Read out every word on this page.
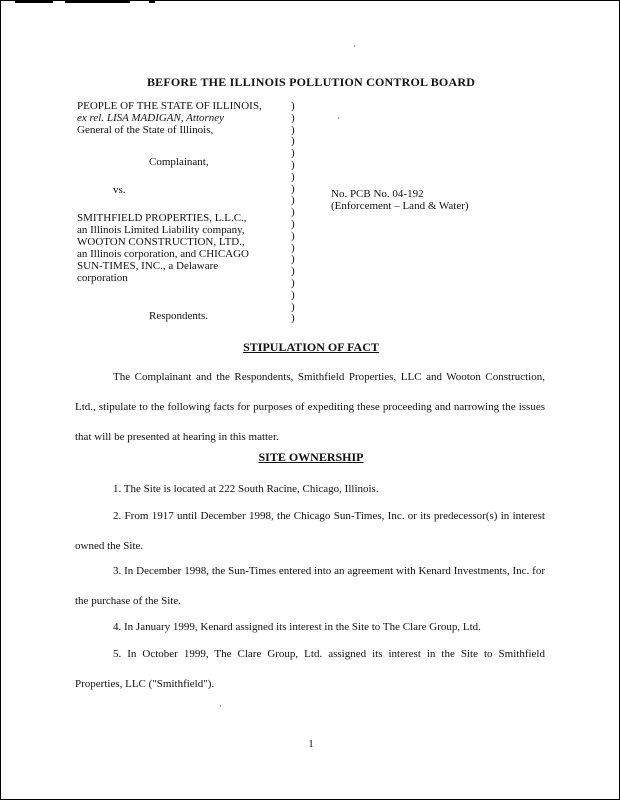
·
BEFORE THE ILLINOIS POLLUTION CONTROL BOARD
PEOPLE OF THE STATE OF ILLINOIS,
ex rel. LISA MADIGAN, Attorney
General of the State of Illinois,
Complainant,
vs.
SMITHFIELD PROPERTIES, L.L.C.,
an Illinois Limited Liability company,
WOOTON CONSTRUCTION, LTD.,
an Illinois corporation, and CHICAGO
SUN-TIMES, INC., a Delaware
corporation
Respondents.
)
)
)
)
)
)
)
)
)
)
)
)
)
)
)
)
)
)
)
No. PCB No. 04-192
(Enforcement – Land & Water)
·
STIPULATION OF FACT
The Complainant and the Respondents, Smithfield Properties, LLC and Wooton Construction, Ltd., stipulate to the following facts for purposes of expediting these proceeding and narrowing the issues that will be presented at hearing in this matter.
SITE OWNERSHIP
1. The Site is located at 222 South Racine, Chicago, Illinois.
2. From 1917 until December 1998, the Chicago Sun-Times, Inc. or its predecessor(s) in interest owned the Site.
3. In December 1998, the Sun-Times entered into an agreement with Kenard Investments, Inc. for the purchase of the Site.
4. In January 1999, Kenard assigned its interest in the Site to The Clare Group, Ltd.
5. In October 1999, The Clare Group, Ltd. assigned its interest in the Site to Smithfield Properties, LLC ("Smithfield").
·
1
